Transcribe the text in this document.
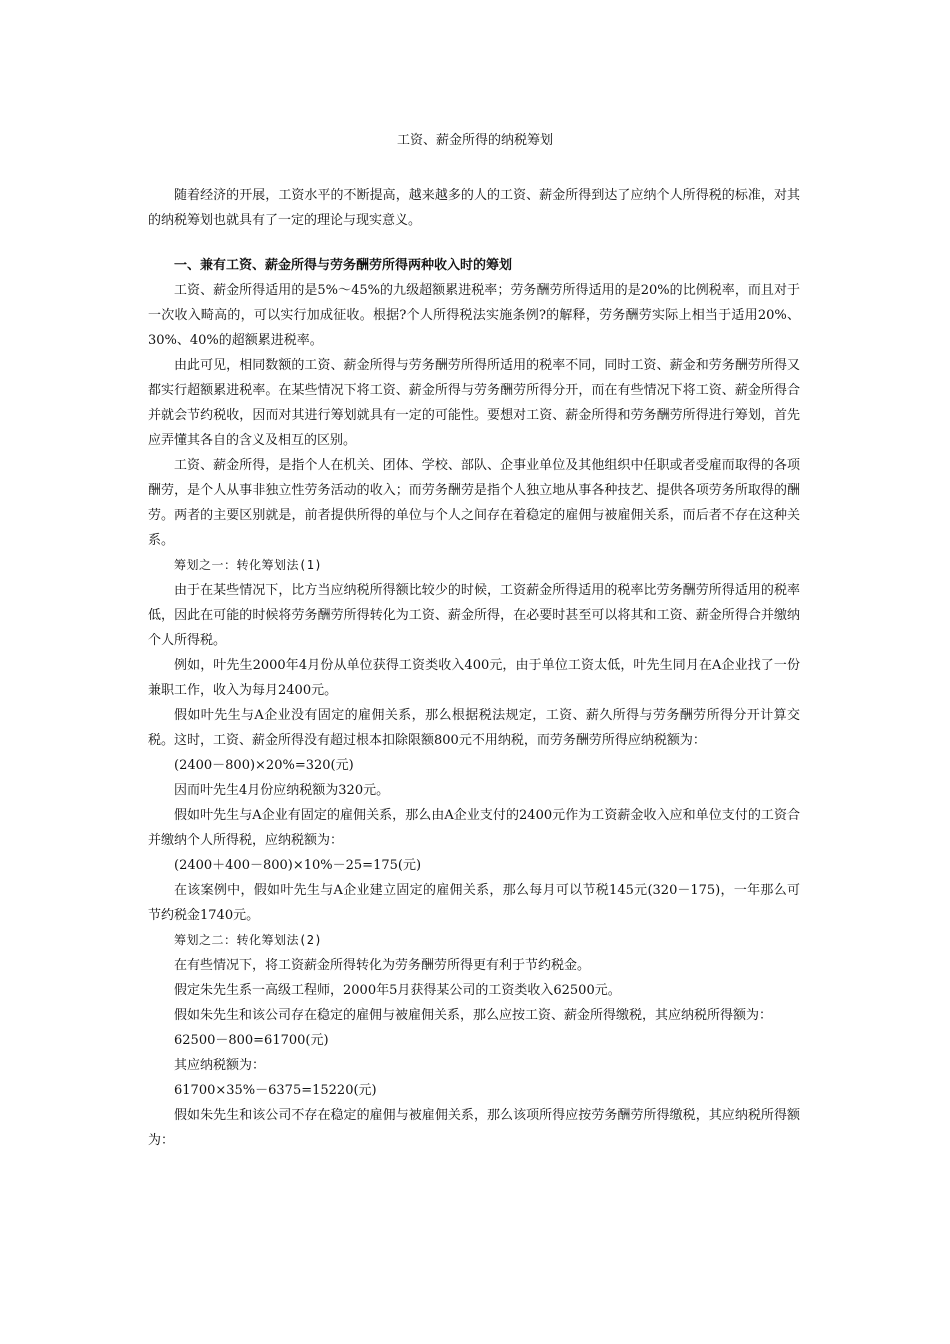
工资、薪金所得的纳税筹划

随着经济的开展，工资水平的不断提高，越来越多的人的工资、薪金所得到达了应纳个人所得税的标准，对其的纳税筹划也就具有了一定的理论与现实意义。

一、兼有工资、薪金所得与劳务酬劳所得两种收入时的筹划

工资、薪金所得适用的是5%～45%的九级超额累进税率；劳务酬劳所得适用的是20%的比例税率，而且对于一次收入畸高的，可以实行加成征收。根据?个人所得税法实施条例?的解释，劳务酬劳实际上相当于适用20%、30%、40%的超额累进税率。

由此可见，相同数额的工资、薪金所得与劳务酬劳所得所适用的税率不同，同时工资、薪金和劳务酬劳所得又都实行超额累进税率。在某些情况下将工资、薪金所得与劳务酬劳所得分开，而在有些情况下将工资、薪金所得合并就会节约税收，因而对其进行筹划就具有一定的可能性。要想对工资、薪金所得和劳务酬劳所得进行筹划，首先应弄懂其各自的含义及相互的区别。

工资、薪金所得，是指个人在机关、团体、学校、部队、企事业单位及其他组织中任职或者受雇而取得的各项酬劳，是个人从事非独立性劳务活动的收入；而劳务酬劳是指个人独立地从事各种技艺、提供各项劳务所取得的酬劳。两者的主要区别就是，前者提供所得的单位与个人之间存在着稳定的雇佣与被雇佣关系，而后者不存在这种关系。

筹划之一：转化筹划法(1)

由于在某些情况下，比方当应纳税所得额比较少的时候，工资薪金所得适用的税率比劳务酬劳所得适用的税率低，因此在可能的时候将劳务酬劳所得转化为工资、薪金所得，在必要时甚至可以将其和工资、薪金所得合并缴纳个人所得税。

例如，叶先生2000年4月份从单位获得工资类收入400元，由于单位工资太低，叶先生同月在A企业找了一份兼职工作，收入为每月2400元。

假如叶先生与A企业没有固定的雇佣关系，那么根据税法规定，工资、薪久所得与劳务酬劳所得分开计算交税。这时，工资、薪金所得没有超过根本扣除限额800元不用纳税，而劳务酬劳所得应纳税额为：

(2400－800)×20%=320(元)

因而叶先生4月份应纳税额为320元。

假如叶先生与A企业有固定的雇佣关系，那么由A企业支付的2400元作为工资薪金收入应和单位支付的工资合并缴纳个人所得税，应纳税额为：

(2400＋400－800)×10%－25=175(元)

在该案例中，假如叶先生与A企业建立固定的雇佣关系，那么每月可以节税145元(320－175)，一年那么可节约税金1740元。

筹划之二：转化筹划法(2)

在有些情况下，将工资薪金所得转化为劳务酬劳所得更有利于节约税金。

假定朱先生系一高级工程师，2000年5月获得某公司的工资类收入62500元。

假如朱先生和该公司存在稳定的雇佣与被雇佣关系，那么应按工资、薪金所得缴税，其应纳税所得额为：

62500－800=61700(元)

其应纳税额为：

61700×35%－6375=15220(元)

假如朱先生和该公司不存在稳定的雇佣与被雇佣关系，那么该项所得应按劳务酬劳所得缴税，其应纳税所得额为：
